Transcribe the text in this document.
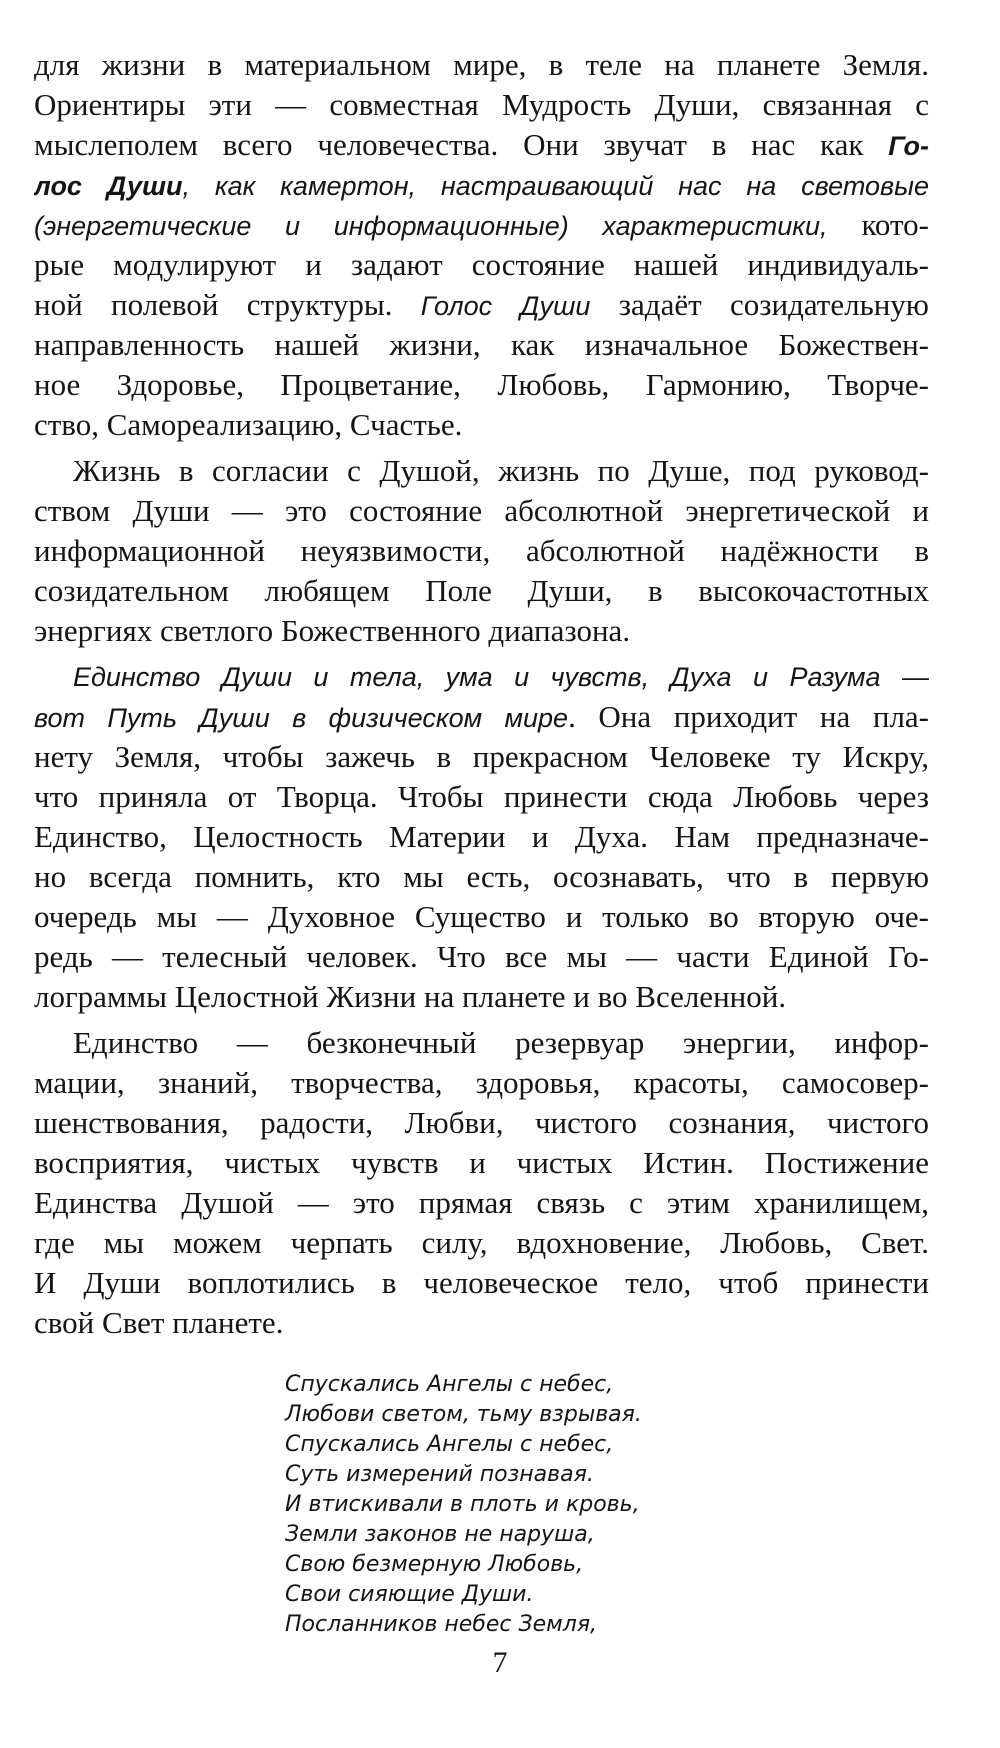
для жизни в материальном мире, в теле на планете Земля.
Ориентиры эти — совместная Мудрость Души, связанная с
мыслеполем всего человечества. Они звучат в нас как Го-
лос Души, как камертон, настраивающий нас на световые
(энергетические и информационные) характеристики, кото-
рые модулируют и задают состояние нашей индивидуаль-
ной полевой структуры. Голос Души задаёт созидательную
направленность нашей жизни, как изначальное Божествен-
ное Здоровье, Процветание, Любовь, Гармонию, Творче-
ство, Самореализацию, Счастье.
Жизнь в согласии с Душой, жизнь по Душе, под руковод-
ством Души — это состояние абсолютной энергетической и
информационной неуязвимости, абсолютной надёжности в
созидательном любящем Поле Души, в высокочастотных
энергиях светлого Божественного диапазона.
Единство Души и тела, ума и чувств, Духа и Разума —
вот Путь Души в физическом мире. Она приходит на пла-
нету Земля, чтобы зажечь в прекрасном Человеке ту Искру,
что приняла от Творца. Чтобы принести сюда Любовь через
Единство, Целостность Материи и Духа. Нам предназначе-
но всегда помнить, кто мы есть, осознавать, что в первую
очередь мы — Духовное Существо и только во вторую оче-
редь — телесный человек. Что все мы — части Единой Го-
лограммы Целостной Жизни на планете и во Вселенной.
Единство — безконечный резервуар энергии, инфор-
мации, знаний, творчества, здоровья, красоты, самосовер-
шенствования, радости, Любви, чистого сознания, чистого
восприятия, чистых чувств и чистых Истин. Постижение
Единства Душой — это прямая связь с этим хранилищем,
где мы можем черпать силу, вдохновение, Любовь, Свет.
И Души воплотились в человеческое тело, чтоб принести
свой Свет планете.
Спускались Ангелы с небес,
Любови светом, тьму взрывая.
Спускались Ангелы с небес,
Суть измерений познавая.
И втискивали в плоть и кровь,
Земли законов не наруша,
Свою безмерную Любовь,
Свои сияющие Души.
Посланников небес Земля,
7
